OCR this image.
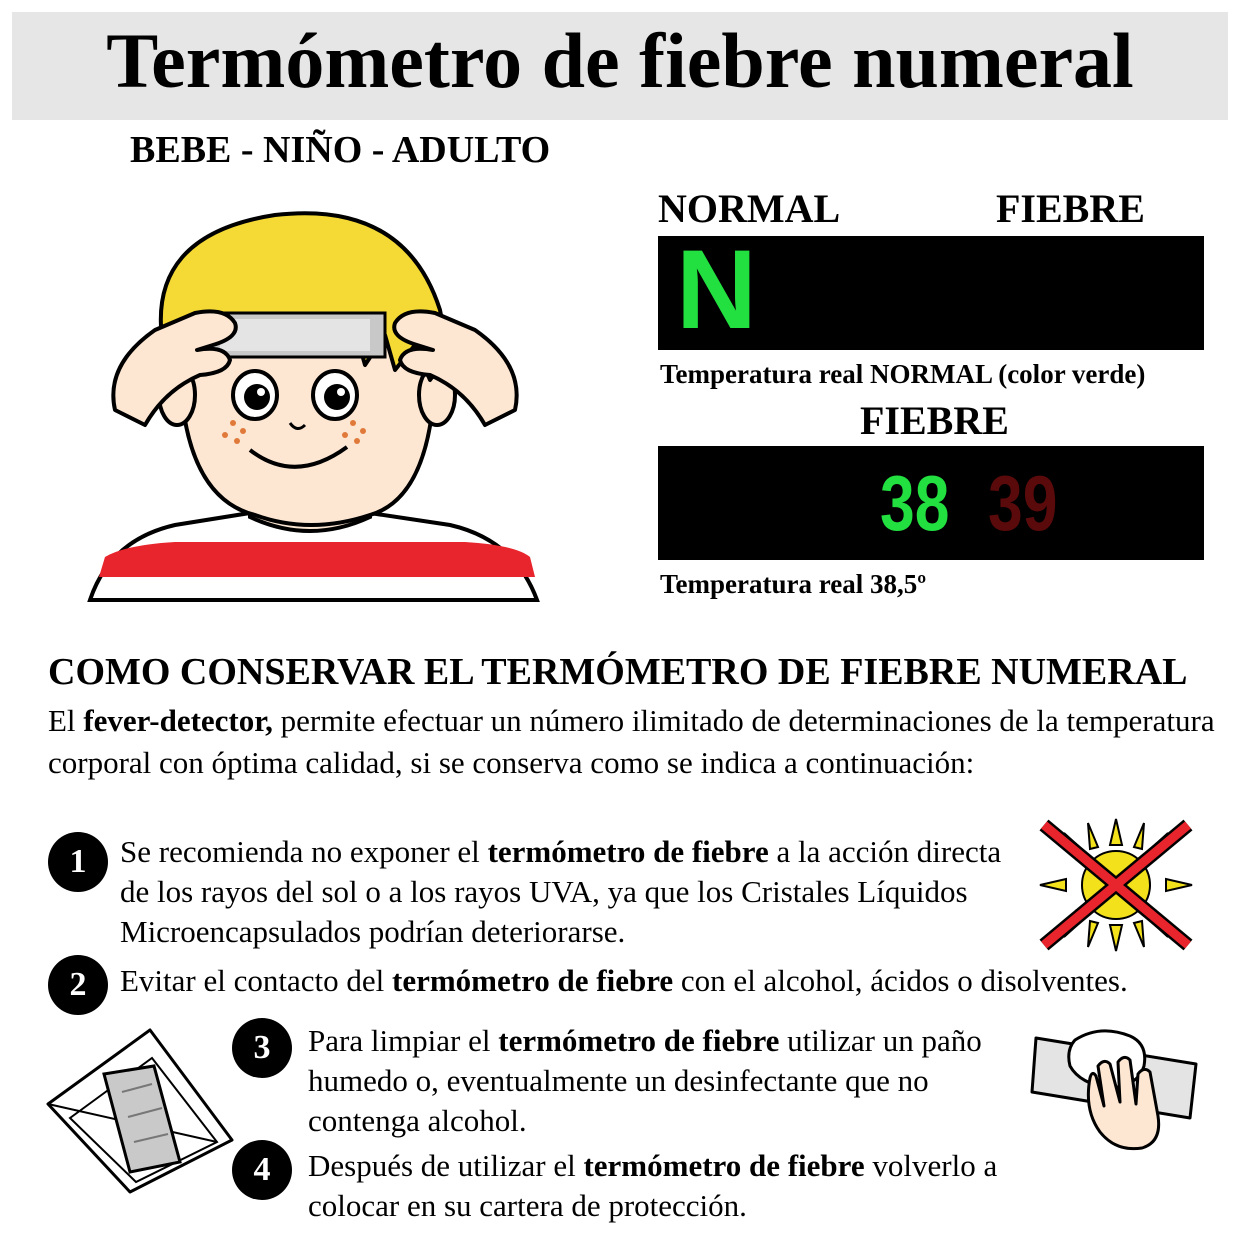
Termómetro de fiebre numeral
BEBE - NIÑO - ADULTO
NORMAL	FIEBRE
N
Temperatura real NORMAL (color verde)
FIEBRE
38 39
Temperatura real 38,5º
COMO CONSERVAR EL TERMÓMETRO DE FIEBRE NUMERAL
El fever-detector, permite efectuar un número ilimitado de determinaciones de la temperatura corporal con óptima calidad, si se conserva como se indica a continuación:
1	Se recomienda no exponer el termómetro de fiebre a la acción directa de los rayos del sol o a los rayos UVA, ya que los Cristales Líquidos Microencapsulados podrían deteriorarse.
2	Evitar el contacto del termómetro de fiebre con el alcohol, ácidos o disolventes.
3	Para limpiar el termómetro de fiebre utilizar un paño humedo o, eventualmente un desinfectante que no contenga alcohol.
4	Después de utilizar el termómetro de fiebre volverlo a colocar en su cartera de protección.
